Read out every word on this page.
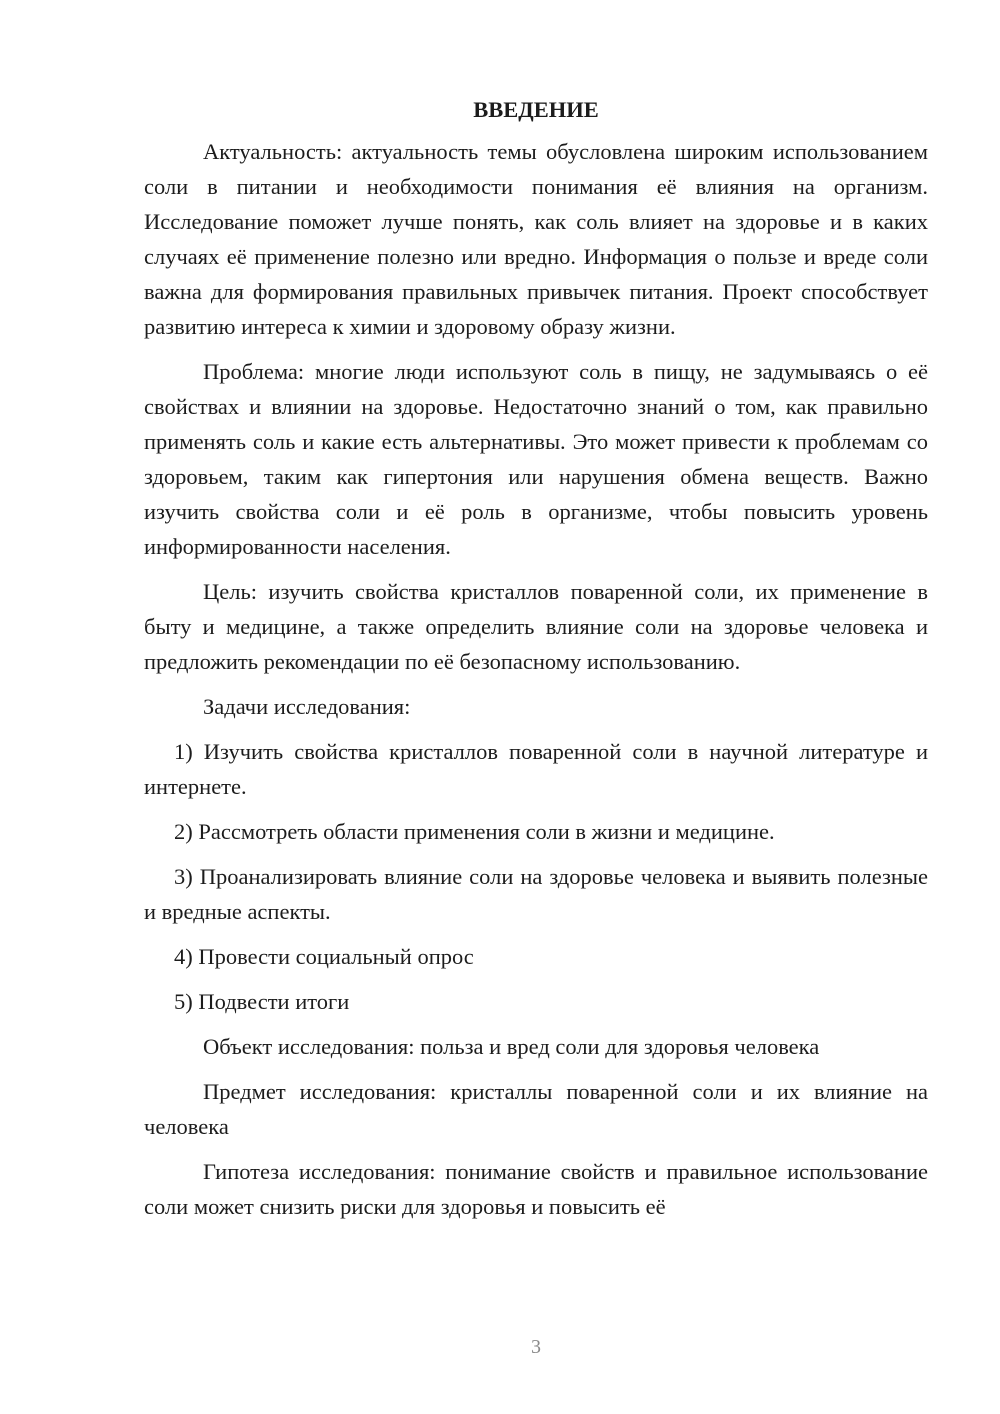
ВВЕДЕНИЕ

Актуальность: актуальность темы обусловлена широким использованием соли в питании и необходимости понимания её влияния на организм. Исследование поможет лучше понять, как соль влияет на здоровье и в каких случаях её применение полезно или вредно. Информация о пользе и вреде соли важна для формирования правильных привычек питания. Проект способствует развитию интереса к химии и здоровому образу жизни.

Проблема: многие люди используют соль в пищу, не задумываясь о её свойствах и влиянии на здоровье. Недостаточно знаний о том, как правильно применять соль и какие есть альтернативы. Это может привести к проблемам со здоровьем, таким как гипертония или нарушения обмена веществ. Важно изучить свойства соли и её роль в организме, чтобы повысить уровень информированности населения.

Цель: изучить свойства кристаллов поваренной соли, их применение в быту и медицине, а также определить влияние соли на здоровье человека и предложить рекомендации по её безопасному использованию.

Задачи исследования:

1) Изучить свойства кристаллов поваренной соли в научной литературе и интернете.

2) Рассмотреть области применения соли в жизни и медицине.

3) Проанализировать влияние соли на здоровье человека и выявить полезные и вредные аспекты.

4) Провести социальный опрос

5) Подвести итоги

Объект исследования: польза и вред соли для здоровья человека

Предмет исследования: кристаллы поваренной соли и их влияние на человека

Гипотеза исследования: понимание свойств и правильное использование соли может снизить риски для здоровья и повысить её

3
